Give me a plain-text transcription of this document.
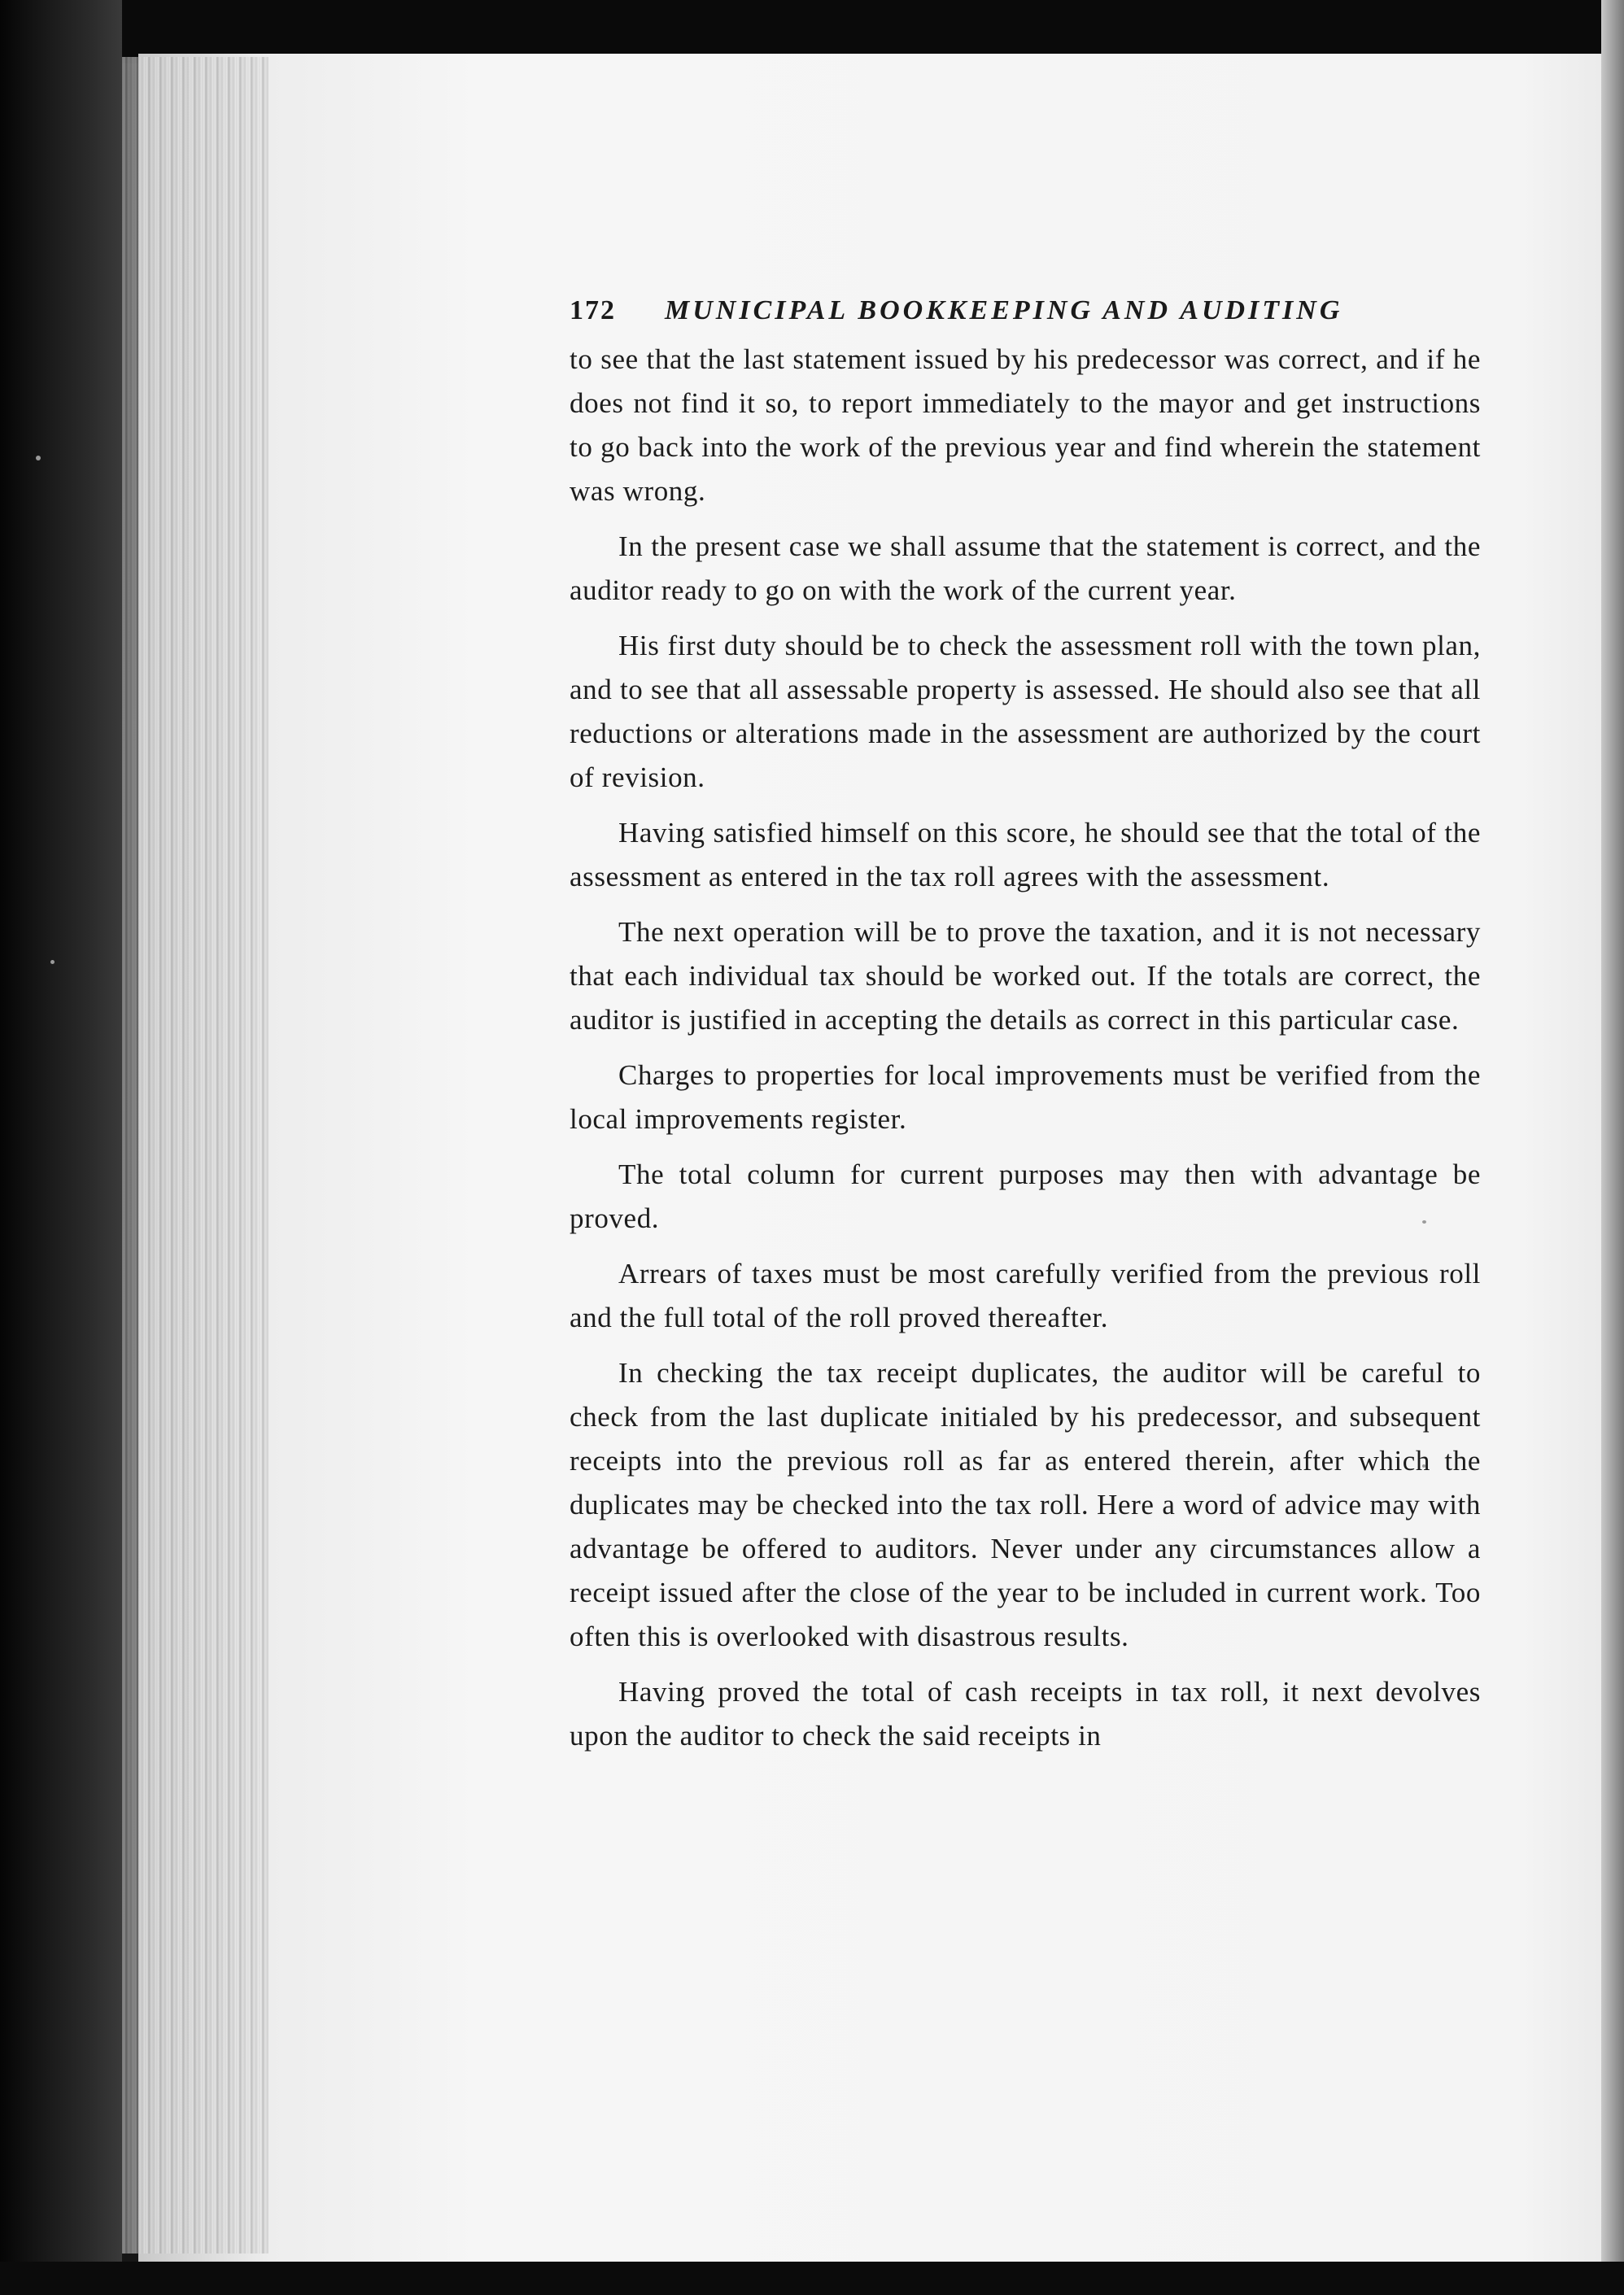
172 MUNICIPAL BOOKKEEPING AND AUDITING

to see that the last statement issued by his predecessor was correct, and if he does not find it so, to report immediately to the mayor and get instructions to go back into the work of the previous year and find wherein the statement was wrong.

In the present case we shall assume that the statement is correct, and the auditor ready to go on with the work of the current year.

His first duty should be to check the assessment roll with the town plan, and to see that all assessable property is assessed. He should also see that all reductions or alterations made in the assessment are authorized by the court of revision.

Having satisfied himself on this score, he should see that the total of the assessment as entered in the tax roll agrees with the assessment.

The next operation will be to prove the taxation, and it is not necessary that each individual tax should be worked out. If the totals are correct, the auditor is justified in accepting the details as correct in this particular case.

Charges to properties for local improvements must be verified from the local improvements register.

The total column for current purposes may then with advantage be proved.

Arrears of taxes must be most carefully verified from the previous roll and the full total of the roll proved thereafter.

In checking the tax receipt duplicates, the auditor will be careful to check from the last duplicate initialed by his predecessor, and subsequent receipts into the previous roll as far as entered therein, after which the duplicates may be checked into the tax roll. Here a word of advice may with advantage be offered to auditors. Never under any circumstances allow a receipt issued after the close of the year to be included in current work. Too often this is overlooked with disastrous results.

Having proved the total of cash receipts in tax roll, it next devolves upon the auditor to check the said receipts in
